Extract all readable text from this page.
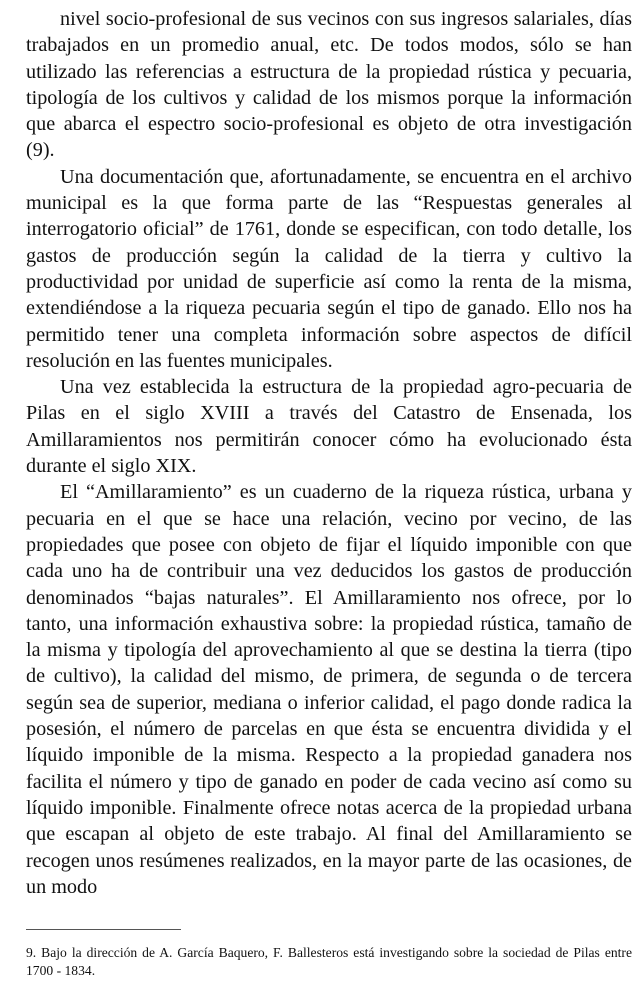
nivel socio-profesional de sus vecinos con sus ingresos salariales, días trabajados en un promedio anual, etc. De todos modos, sólo se han utilizado las referencias a estructura de la propiedad rústica y pecuaria, tipología de los cultivos y calidad de los mismos porque la información que abarca el espectro socio-profesional es objeto de otra investigación (9).

Una documentación que, afortunadamente, se encuentra en el archivo municipal es la que forma parte de las “Respuestas generales al interrogatorio oficial” de 1761, donde se especifican, con todo detalle, los gastos de producción según la calidad de la tierra y cultivo la productividad por unidad de superficie así como la renta de la misma, extendiéndose a la riqueza pecuaria según el tipo de ganado. Ello nos ha permitido tener una completa información sobre aspectos de difícil resolución en las fuentes municipales.

Una vez establecida la estructura de la propiedad agro-pecuaria de Pilas en el siglo XVIII a través del Catastro de Ensenada, los Amillaramientos nos permitirán conocer cómo ha evolucionado ésta durante el siglo XIX.

El “Amillaramiento” es un cuaderno de la riqueza rústica, urbana y pecuaria en el que se hace una relación, vecino por vecino, de las propiedades que posee con objeto de fijar el líquido imponible con que cada uno ha de contribuir una vez deducidos los gastos de producción denominados “bajas naturales”. El Amillaramiento nos ofrece, por lo tanto, una información exhaustiva sobre: la propiedad rústica, tamaño de la misma y tipología del aprovechamiento al que se destina la tierra (tipo de cultivo), la calidad del mismo, de primera, de segunda o de tercera según sea de superior, mediana o inferior calidad, el pago donde radica la posesión, el número de parcelas en que ésta se encuentra dividida y el líquido imponible de la misma. Respecto a la propiedad ganadera nos facilita el número y tipo de ganado en poder de cada vecino así como su líquido imponible. Finalmente ofrece notas acerca de la propiedad urbana que escapan al objeto de este trabajo. Al final del Amillaramiento se recogen unos resúmenes realizados, en la mayor parte de las ocasiones, de un modo

9. Bajo la dirección de A. García Baquero, F. Ballesteros está investigando sobre la sociedad de Pilas entre 1700 - 1834.
